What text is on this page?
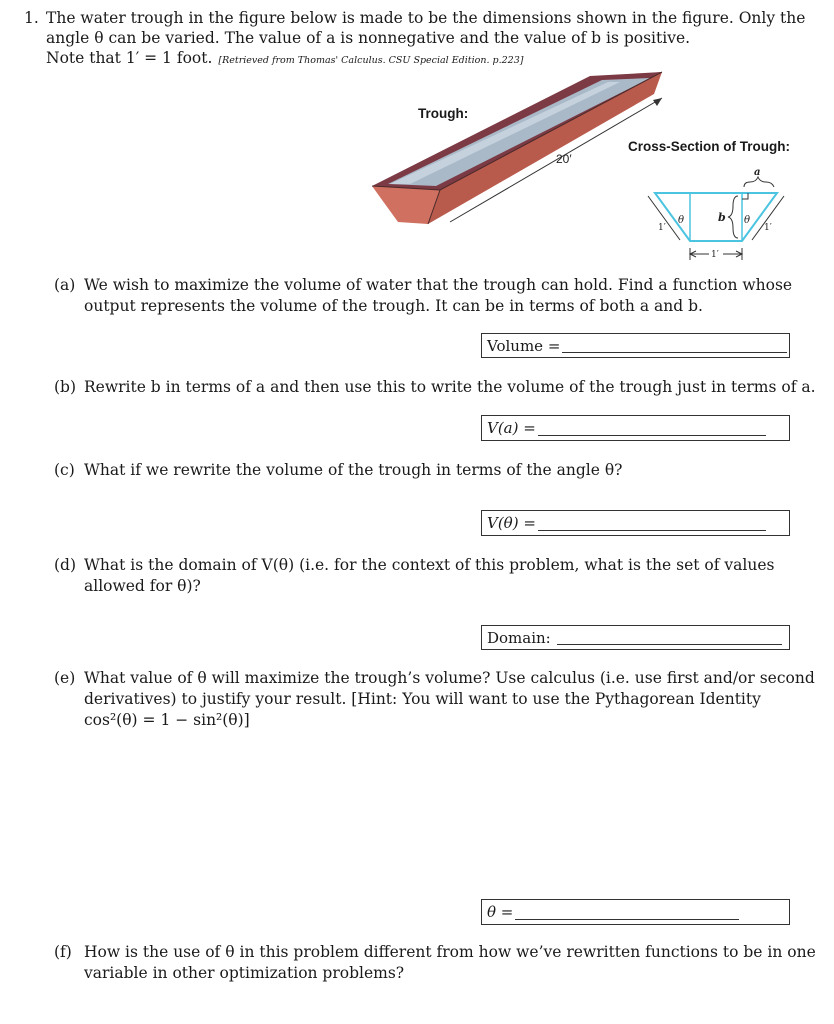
1. The water trough in the figure below is made to be the dimensions shown in the figure. Only the
angle θ can be varied. The value of a is nonnegative and the value of b is positive.
Note that 1′ = 1 foot. [Retrieved from Thomas' Calculus. CSU Special Edition. p.223]
Trough:
20′
Cross-Section of Trough:
a
b
θ	θ
1′	1′
1′
(a) We wish to maximize the volume of water that the trough can hold. Find a function whose
output represents the volume of the trough. It can be in terms of both a and b.
Volume =
(b) Rewrite b in terms of a and then use this to write the volume of the trough just in terms of a.
V(a) =
(c) What if we rewrite the volume of the trough in terms of the angle θ?
V(θ) =
(d) What is the domain of V(θ) (i.e. for the context of this problem, what is the set of values
allowed for θ)?
Domain:
(e) What value of θ will maximize the trough’s volume? Use calculus (i.e. use first and/or second
derivatives) to justify your result. [Hint: You will want to use the Pythagorean Identity
cos²(θ) = 1 − sin²(θ)]
θ =
(f) How is the use of θ in this problem different from how we’ve rewritten functions to be in one
variable in other optimization problems?
